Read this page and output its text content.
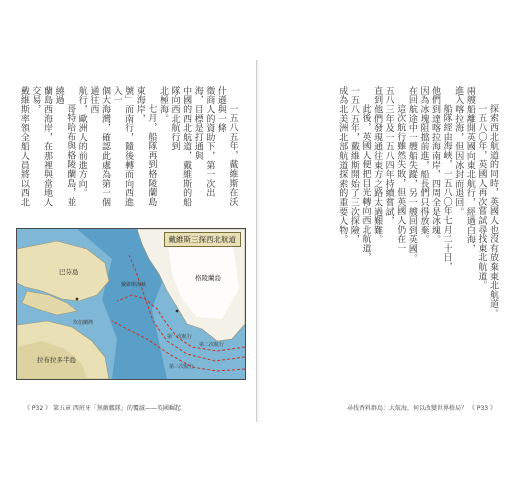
一五八五年，戴維斯在沃什遜與一條
徵商人的資助下，第一次出海，目標是打通與
中國的西北航道，戴維斯的船隊向西北航行到
北極海。
七月，船隊再到格陵蘭島東海岸，
號」而南行，隨後轉而向西進入一
個大海灣，確認此處為第一個通往西
航行，歐洲人的前進方向。
哥特哈布與格陵蘭島，並繞過
蘭島西海岸，在那裡與當地人交易，
戴維斯率領全船人員將以西北
戴維斯三探西北航道
格陵蘭島
巴芬島
拉布拉多半島
戴維斯海峽
坎伯蘭灣
第一次航行
第二次航行
第三次航行
《 P32 》 第五章 西班牙「無敵艦隊」的覆滅——英國崛起
探索西北航道的同時，英國人也沒有放棄東北航道。
一五八〇年，英國人再次嘗試尋找東北航道。
兩艘船離開英國向東北航行，經過白海，
進入喀拉海，但因冰封而退回。
船隊經由海峽，一五八〇年七月二十日，
他們到達喀拉海南岸，四周全是冰塊。
因為冰塊阻擋前進，船長們只得放棄。
在回航途中一艘船失蹤，另一艘回到英國。
這次航行雖然失敗，但英國人仍在一
五八三年及一五八四年持續嘗試，
直到他們發現通往東方之路太過艱難。
此後，英國人便把目光轉向西北航道，
一五八五年，戴維斯開始了三次探險，
成為北美洲北部航道探索的重要人物。
尋找香料群島：大航海，何以改變世界格局？ 《 P33 》
